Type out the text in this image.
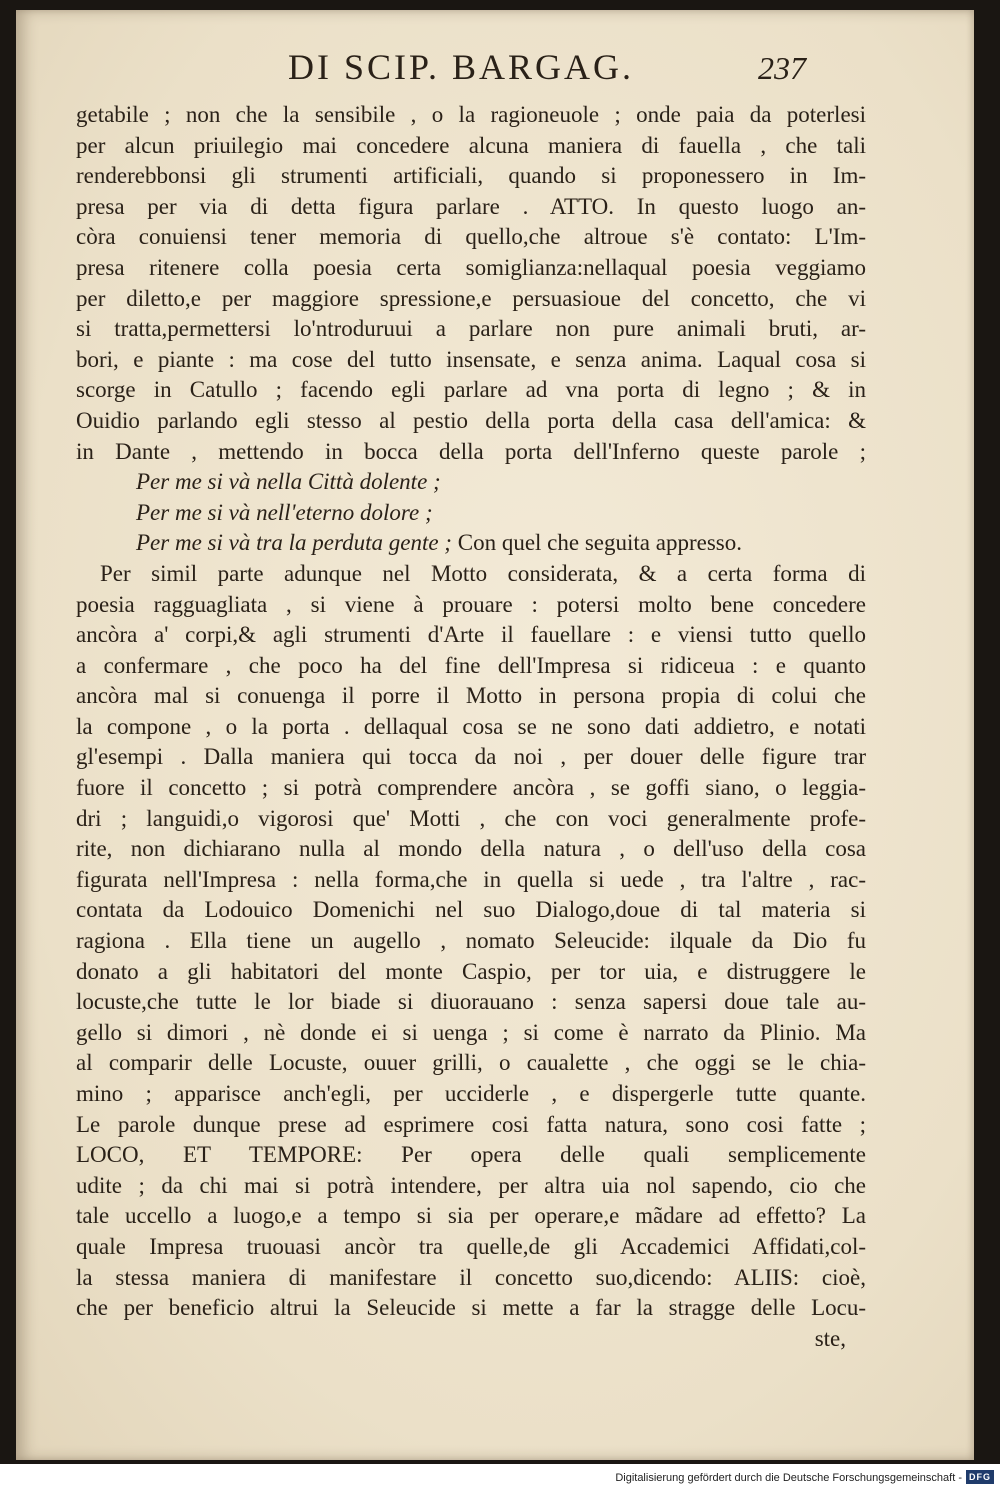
DI SCIP. BARGAG.	237
getabile ; non che la sensibile , o la ragioneuole ; onde paia da poterlesi
per alcun priuilegio mai concedere alcuna maniera di fauella , che tali
renderebbonsi gli strumenti artificiali, quando si proponessero in Im-
presa per via di detta figura parlare . ATTO. In questo luogo an-
còra conuiensi tener memoria di quello,che altroue s'è contato: L'Im-
presa ritenere colla poesia certa somiglianza:nellaqual poesia veggiamo
per diletto,e per maggiore spressione,e persuasioue del concetto, che vi
si tratta,permettersi lo'ntroduruui a parlare non pure animali bruti, ar-
bori, e piante : ma cose del tutto insensate, e senza anima. Laqual cosa si
scorge in Catullo ; facendo egli parlare ad vna porta di legno ; & in
Ouidio parlando egli stesso al pestio della porta della casa dell'amica: &
in Dante , mettendo in bocca della porta dell'Inferno queste parole ;
Per me si và nella Città dolente ;
Per me si và nell'eterno dolore ;
Per me si và tra la perduta gente ; Con quel che seguita appresso.
Per simil parte adunque nel Motto considerata, & a certa forma di
poesia ragguagliata , si viene à prouare : potersi molto bene concedere
ancòra a' corpi,& agli strumenti d'Arte il fauellare : e viensi tutto quello
a confermare , che poco ha del fine dell'Impresa si ridiceua : e quanto
ancòra mal si conuenga il porre il Motto in persona propia di colui che
la compone , o la porta . dellaqual cosa se ne sono dati addietro, e notati
gl'esempi . Dalla maniera qui tocca da noi , per douer delle figure trar
fuore il concetto ; si potrà comprendere ancòra , se goffi siano, o leggia-
dri ; languidi,o vigorosi que' Motti , che con voci generalmente profe-
rite, non dichiarano nulla al mondo della natura , o dell'uso della cosa
figurata nell'Impresa : nella forma,che in quella si uede , tra l'altre , rac-
contata da Lodouico Domenichi nel suo Dialogo,doue di tal materia si
ragiona . Ella tiene un augello , nomato Seleucide: ilquale da Dio fu
donato a gli habitatori del monte Caspio, per tor uia, e distruggere le
locuste,che tutte le lor biade si diuorauano : senza sapersi doue tale au-
gello si dimori , nè donde ei si uenga ; si come è narrato da Plinio. Ma
al comparir delle Locuste, ouuer grilli, o caualette , che oggi se le chia-
mino ; apparisce anch'egli, per ucciderle , e dispergerle tutte quante.
Le parole dunque prese ad esprimere cosi fatta natura, sono cosi fatte ;
LOCO, ET TEMPORE: Per opera delle quali semplicemente
udite ; da chi mai si potrà intendere, per altra uia nol sapendo, cio che
tale uccello a luogo,e a tempo si sia per operare,e mãdare ad effetto? La
quale Impresa truouasi ancòr tra quelle,de gli Accademici Affidati,col-
la stessa maniera di manifestare il concetto suo,dicendo: ALIIS: cioè,
che per beneficio altrui la Seleucide si mette a far la stragge delle Locu-
ste,
Digitalisierung gefördert durch die Deutsche Forschungsgemeinschaft - DFG
